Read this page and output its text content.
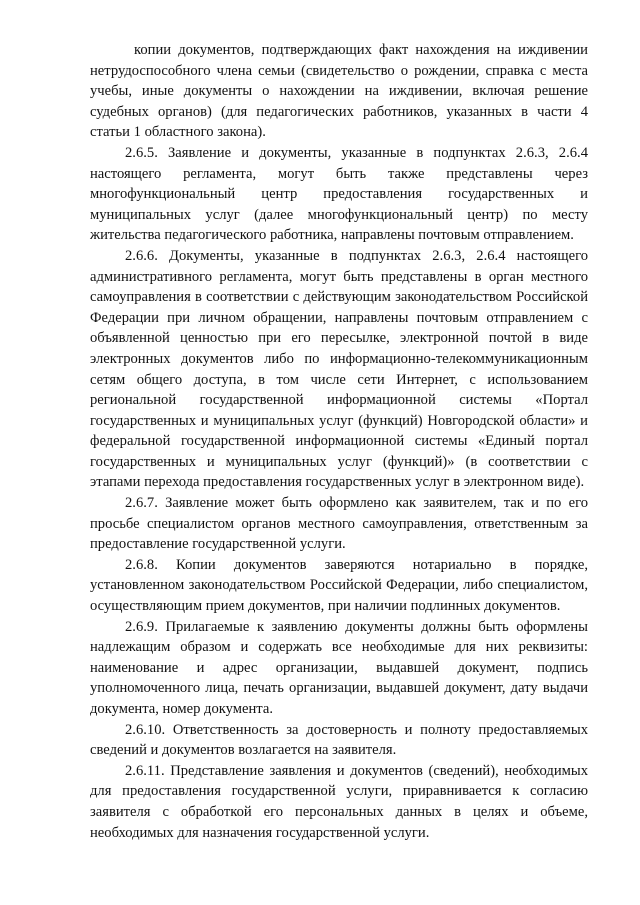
копии документов, подтверждающих факт нахождения на иждивении нетрудоспособного члена семьи (свидетельство о рождении, справка с места учебы, иные документы о нахождении на иждивении, включая решение судебных органов) (для педагогических работников, указанных в части 4 статьи 1 областного закона).

2.6.5. Заявление и документы, указанные в подпунктах 2.6.3, 2.6.4 настоящего регламента, могут быть также представлены через многофункциональный центр предоставления государственных и муниципальных услуг (далее многофункциональный центр) по месту жительства педагогического работника, направлены почтовым отправлением.

2.6.6. Документы, указанные в подпунктах 2.6.3, 2.6.4 настоящего административного регламента, могут быть представлены в орган местного самоуправления в соответствии с действующим законодательством Российской Федерации при личном обращении, направлены почтовым отправлением с объявленной ценностью при его пересылке, электронной почтой в виде электронных документов либо по информационно-телекоммуникационным сетям общего доступа, в том числе сети Интернет, с использованием региональной государственной информационной системы «Портал государственных и муниципальных услуг (функций) Новгородской области» и федеральной государственной информационной системы «Единый портал государственных и муниципальных услуг (функций)» (в соответствии с этапами перехода предоставления государственных услуг в электронном виде).

2.6.7. Заявление может быть оформлено как заявителем, так и по его просьбе специалистом органов местного самоуправления, ответственным за предоставление государственной услуги.

2.6.8. Копии документов заверяются нотариально в порядке, установленном законодательством Российской Федерации, либо специалистом, осуществляющим прием документов, при наличии подлинных документов.

2.6.9. Прилагаемые к заявлению документы должны быть оформлены надлежащим образом и содержать все необходимые для них реквизиты: наименование и адрес организации, выдавшей документ, подпись уполномоченного лица, печать организации, выдавшей документ, дату выдачи документа, номер документа.

2.6.10. Ответственность за достоверность и полноту предоставляемых сведений и документов возлагается на заявителя.

2.6.11. Представление заявления и документов (сведений), необходимых для предоставления государственной услуги, приравнивается к согласию заявителя с обработкой его персональных данных в целях и объеме, необходимых для назначения государственной услуги.
